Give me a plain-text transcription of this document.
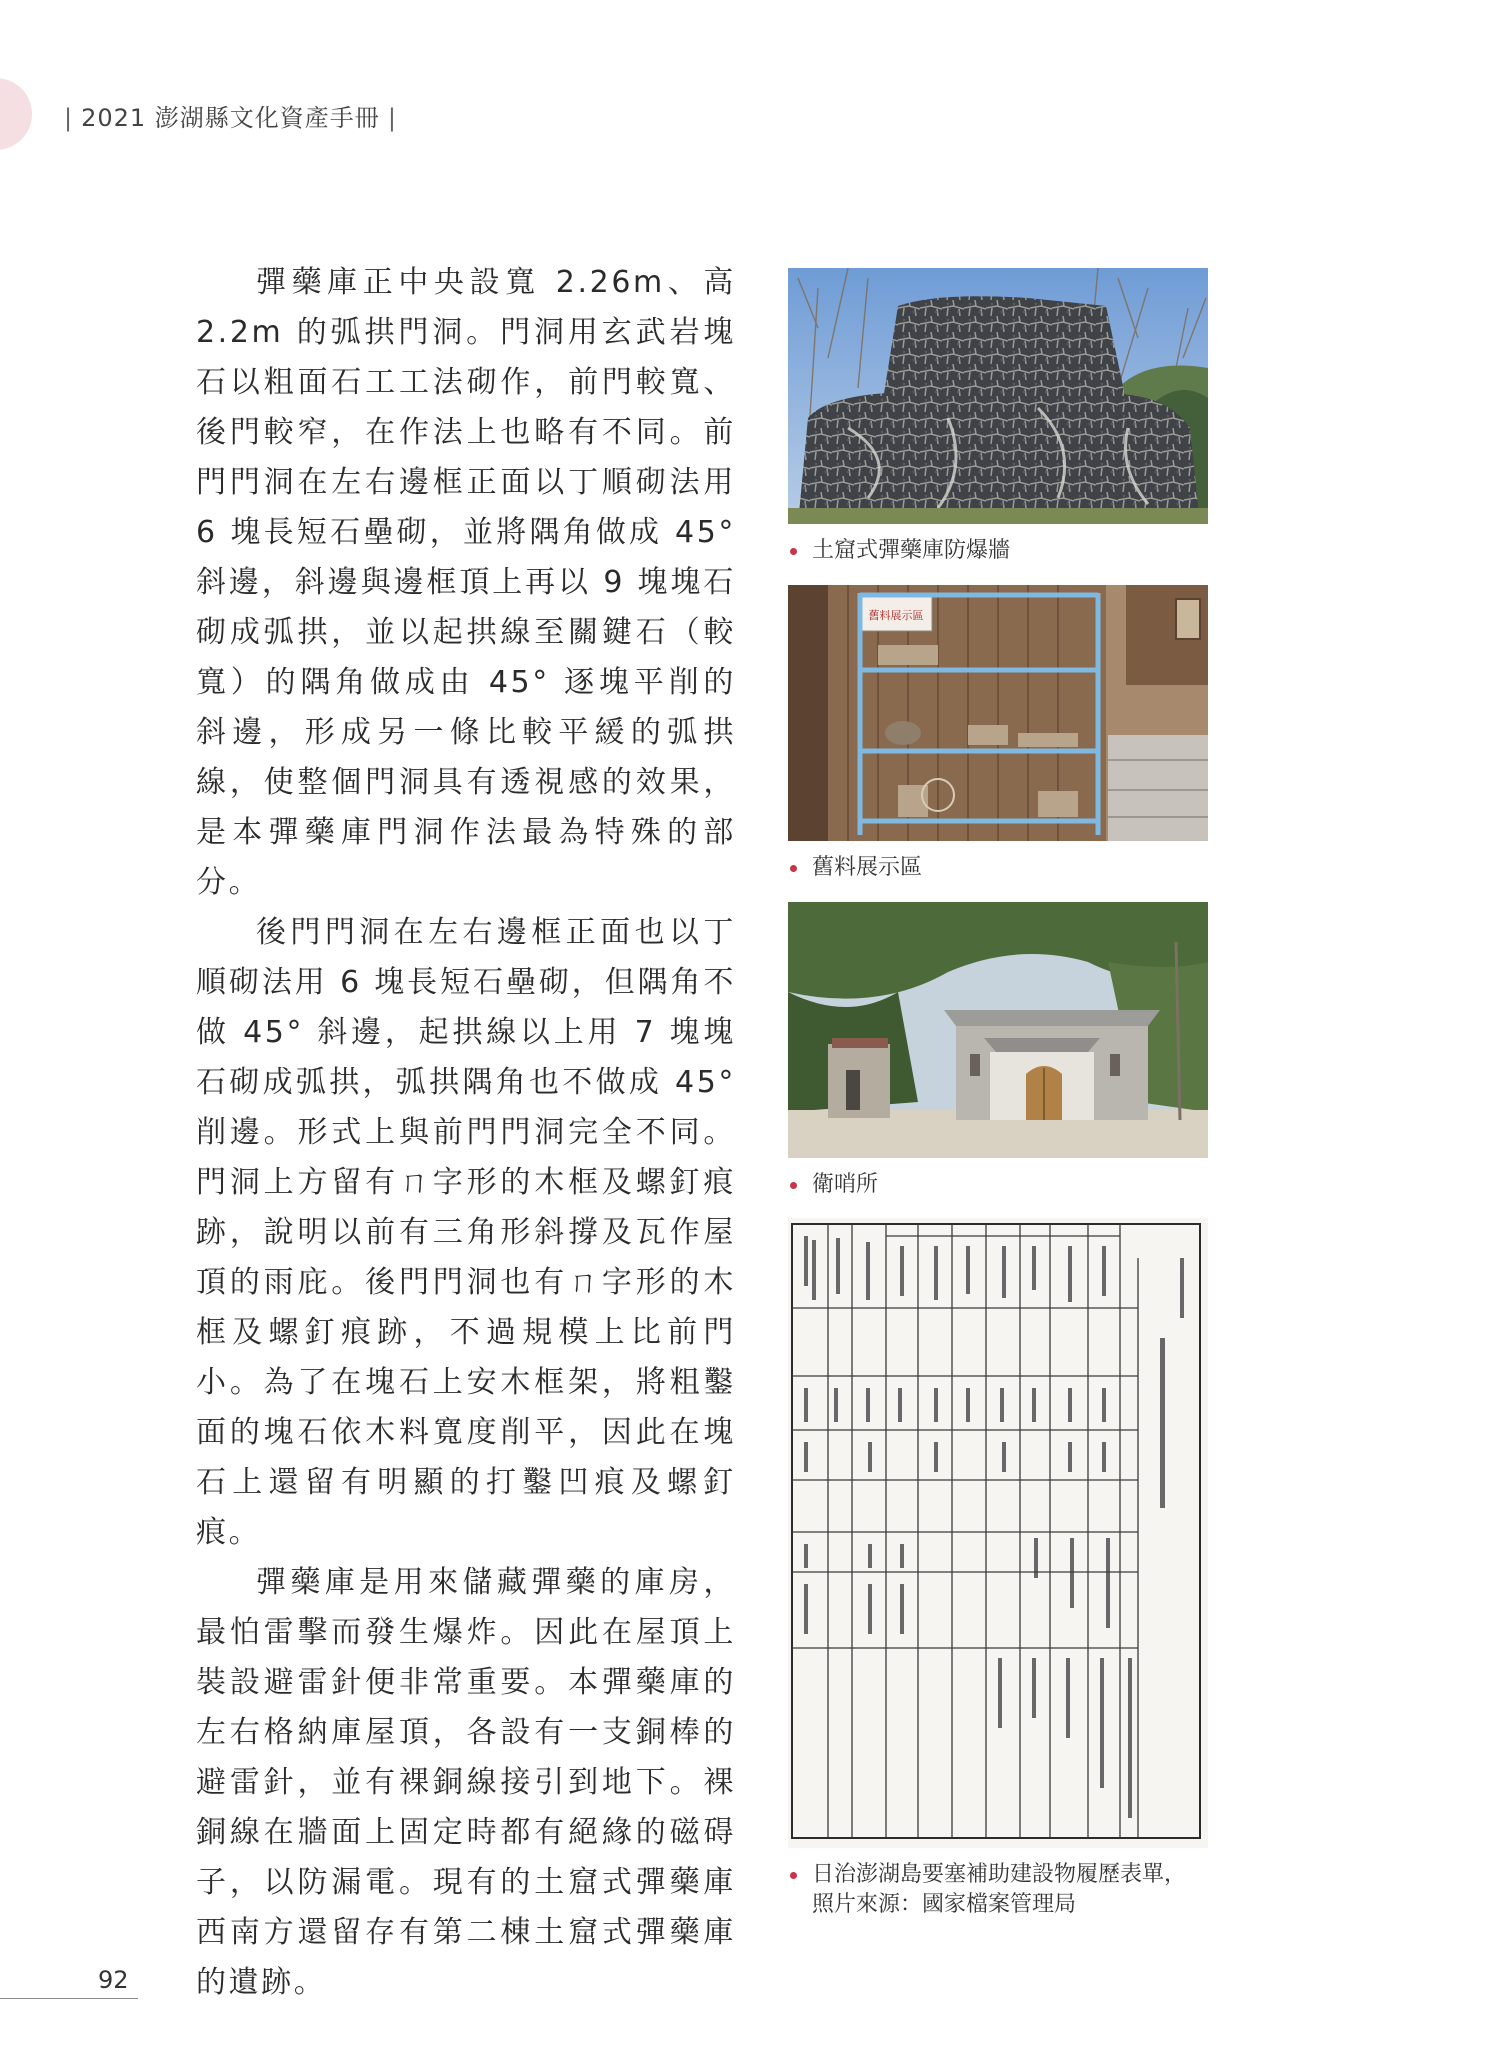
| 2021 澎湖縣文化資產手冊 |

彈藥庫正中央設寬 2.26m、高 2.2m 的弧拱門洞。門洞用玄武岩塊石以粗面石工工法砌作，前門較寬、後門較窄，在作法上也略有不同。前門門洞在左右邊框正面以丁順砌法用 6 塊長短石壘砌，並將隅角做成 45° 斜邊，斜邊與邊框頂上再以 9 塊塊石砌成弧拱，並以起拱線至關鍵石（較寬）的隅角做成由 45° 逐塊平削的斜邊，形成另一條比較平緩的弧拱線，使整個門洞具有透視感的效果，是本彈藥庫門洞作法最為特殊的部分。

後門門洞在左右邊框正面也以丁順砌法用 6 塊長短石壘砌，但隅角不做 45° 斜邊，起拱線以上用 7 塊塊石砌成弧拱，弧拱隅角也不做成 45° 削邊。形式上與前門門洞完全不同。門洞上方留有ㄇ字形的木框及螺釘痕跡，說明以前有三角形斜撐及瓦作屋頂的雨庇。後門門洞也有ㄇ字形的木框及螺釘痕跡，不過規模上比前門小。為了在塊石上安木框架，將粗鑿面的塊石依木料寬度削平，因此在塊石上還留有明顯的打鑿凹痕及螺釘痕。

彈藥庫是用來儲藏彈藥的庫房，最怕雷擊而發生爆炸。因此在屋頂上裝設避雷針便非常重要。本彈藥庫的左右格納庫屋頂，各設有一支銅棒的避雷針，並有裸銅線接引到地下。裸銅線在牆面上固定時都有絕緣的磁碍子，以防漏電。現有的土窟式彈藥庫西南方還留存有第二棟土窟式彈藥庫的遺跡。

土窟式彈藥庫防爆牆
舊料展示區
舊料展示區
衛哨所
日治澎湖島要塞補助建設物履歷表單，
照片來源：國家檔案管理局
92
